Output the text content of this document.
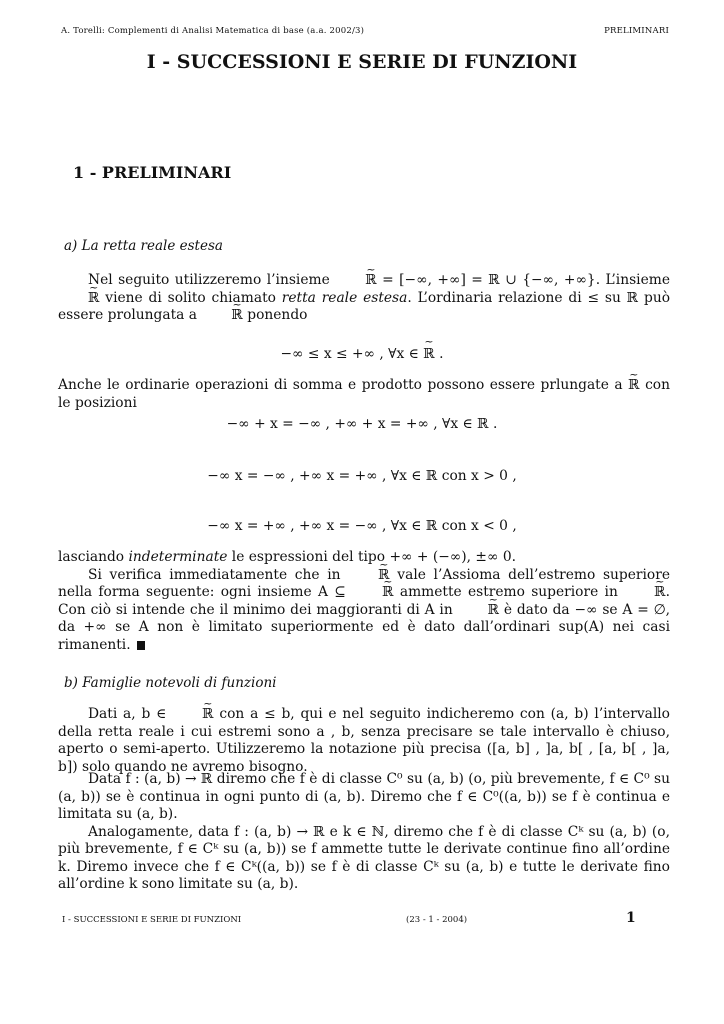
A. Torelli: Complementi di Analisi Matematica di base (a.a. 2002/3)	PRELIMINARI
I - SUCCESSIONI E SERIE DI FUNZIONI
1 - PRELIMINARI
a) La retta reale estesa

Nel seguito utilizzeremo l’insieme ~ ℝ = [−∞, +∞] = ℝ ∪ {−∞, +∞}. L’insieme ~ ℝ viene di solito chiamato retta reale estesa. L’ordinaria relazione di ≤ su ℝ può essere prolungata a ~ ℝ ponendo

−∞ ≤ x ≤ +∞ , ∀x ∈ ~ ℝ .

Anche le ordinarie operazioni di somma e prodotto possono essere prlungate a ~ ℝ con le posizioni

−∞ + x = −∞ , +∞ + x = +∞ , ∀x ∈ ℝ .
−∞ x = −∞ , +∞ x = +∞ , ∀x ∈ ℝ con x > 0 ,
−∞ x = +∞ , +∞ x = −∞ , ∀x ∈ ℝ con x < 0 ,

lasciando indeterminate le espressioni del tipo +∞ + (−∞), ±∞ 0.

Si verifica immediatamente che in ~ ℝ vale l’Assioma dell’estremo superiore nella forma seguente: ogni insieme A ⊆ ~ ℝ ammette estremo superiore in ~ ℝ. Con ciò si intende che il minimo dei maggioranti di A in ~ ℝ è dato da −∞ se A = ∅, da +∞ se A non è limitato superiormente ed è dato dall’ordinari sup(A) nei casi rimanenti.

b) Famiglie notevoli di funzioni

Dati a, b ∈ ~ ℝ con a ≤ b, qui e nel seguito indicheremo con (a, b) l’intervallo della retta reale i cui estremi sono a , b, senza precisare se tale intervallo è chiuso, aperto o semi-aperto. Utilizzeremo la notazione più precisa ([a, b] , ]a, b[ , [a, b[ , ]a, b]) solo quando ne avremo bisogno.

Data f : (a, b) → ℝ diremo che f è di classe C⁰ su (a, b) (o, più brevemente, f ∈ C⁰ su (a, b)) se è continua in ogni punto di (a, b). Diremo che f ∈ C⁰((a, b)) se f è continua e limitata su (a, b).

Analogamente, data f : (a, b) → ℝ e k ∈ ℕ, diremo che f è di classe Cᵏ su (a, b) (o, più brevemente, f ∈ Cᵏ su (a, b)) se f ammette tutte le derivate continue fino all’ordine k. Diremo invece che f ∈ Cᵏ((a, b)) se f è di classe Cᵏ su (a, b) e tutte le derivate fino all’ordine k sono limitate su (a, b).

I - SUCCESSIONI E SERIE DI FUNZIONI	(23 - 1 - 2004)	1
